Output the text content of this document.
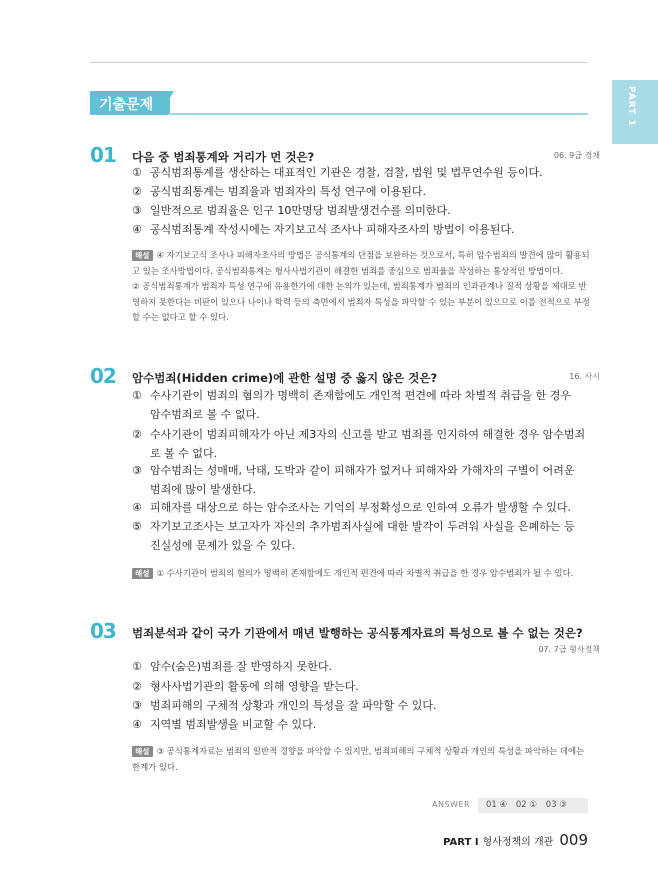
PART 1
기출문제
01 다음 중 범죄통계와 거리가 먼 것은?	06. 9급 경채
① 공식범죄통계를 생산하는 대표적인 기관은 경찰, 검찰, 법원 및 법무연수원 등이다.
② 공식범죄통계는 범죄율과 범죄자의 특성 연구에 이용된다.
③ 일반적으로 범죄율은 인구 10만명당 범죄발생건수를 의미한다.
④ 공식범죄통계 작성시에는 자기보고식 조사나 피해자조사의 방법이 이용된다.

해설 ④ 자기보고식 조사나 피해자조사의 방법은 공식통계의 단점을 보완하는 것으로서, 특히 암수범죄의 발견에 많이 활용되고 있는 조사방법이다. 공식범죄통계는 형사사법기관이 해결한 범죄를 중심으로 범죄율을 작성하는 통상적인 방법이다.

② 공식범죄통계가 범죄자 특성 연구에 유용한가에 대한 논의가 있는데, 범죄통계가 범죄의 인과관계나 질적 상황을 제대로 반영하지 못한다는 비판이 있으나 나이나 학력 등의 측면에서 범죄자 특성을 파악할 수 있는 부분이 있으므로 이를 전적으로 부정할 수는 없다고 할 수 있다.

02 암수범죄(Hidden crime)에 관한 설명 중 옳지 않은 것은?	16. 사시
① 수사기관이 범죄의 혐의가 명백히 존재함에도 개인적 편견에 따라 차별적 취급을 한 경우
암수범죄로 볼 수 없다.
② 수사기관이 범죄피해자가 아닌 제3자의 신고를 받고 범죄를 인지하여 해결한 경우 암수범죄
로 볼 수 없다.
③ 암수범죄는 성매매, 낙태, 도박과 같이 피해자가 없거나 피해자와 가해자의 구별이 어려운
범죄에 많이 발생한다.
④ 피해자를 대상으로 하는 암수조사는 기억의 부정확성으로 인하여 오류가 발생할 수 있다.
⑤ 자기보고조사는 보고자가 자신의 추가범죄사실에 대한 발각이 두려워 사실을 은폐하는 등
진실성에 문제가 있을 수 있다.

해설 ① 수사기관이 범죄의 혐의가 명백히 존재함에도 개인적 편견에 따라 차별적 취급을 한 경우 암수범죄가 될 수 있다.

03 범죄분석과 같이 국가 기관에서 매년 발행하는 공식통계자료의 특성으로 볼 수 없는 것은?
07. 7급 형사정책
① 암수(숨은)범죄를 잘 반영하지 못한다.
② 형사사법기관의 활동에 의해 영향을 받는다.
③ 범죄피해의 구체적 상황과 개인의 특성을 잘 파악할 수 있다.
④ 지역별 범죄발생을 비교할 수 있다.

해설 ③ 공식통계자료는 범죄의 일반적 경향을 파악할 수 있지만, 범죄피해의 구체적 상황과 개인의 특성을 파악하는 데에는 한계가 있다.

ANSWER	01 ④ 02 ① 03 ③
PART I 형사정책의 개관 009
